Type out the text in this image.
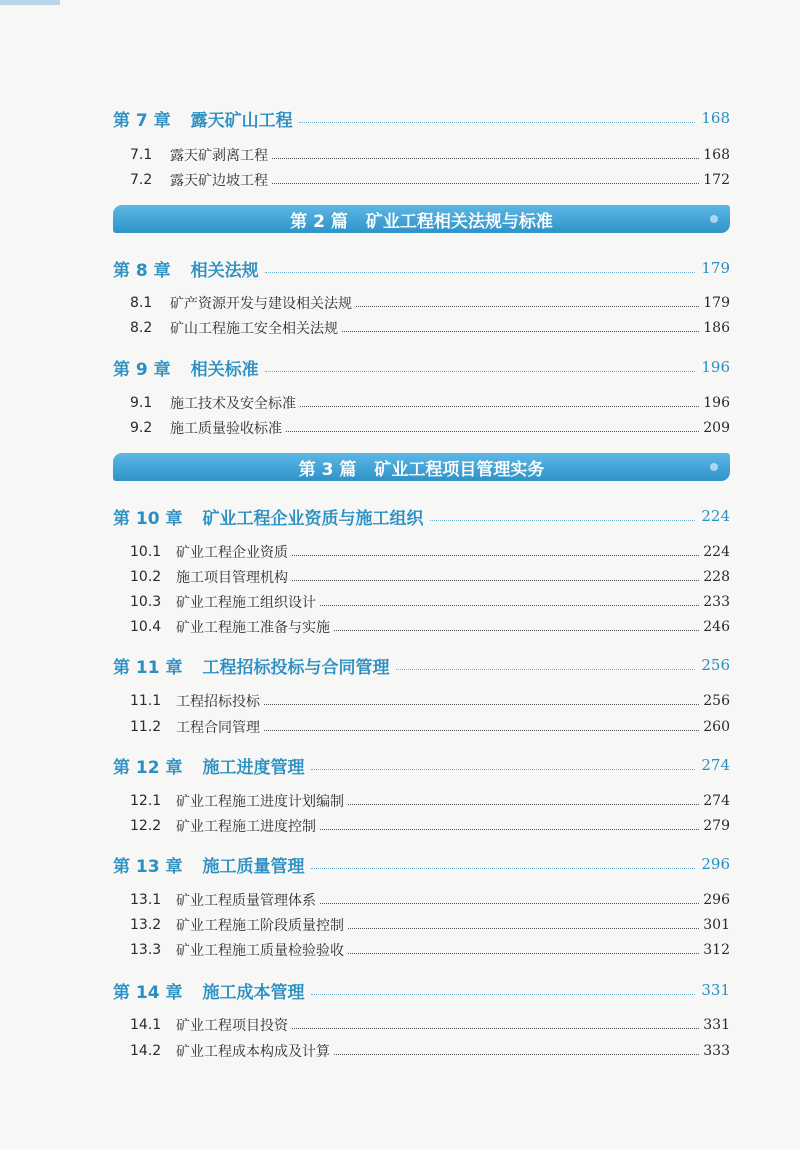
第 7 章 露天矿山工程	168
7.1	露天矿剥离工程	168
7.2	露天矿边坡工程	172
第 2 篇 矿业工程相关法规与标准
第 8 章 相关法规	179
8.1	矿产资源开发与建设相关法规	179
8.2	矿山工程施工安全相关法规	186
第 9 章 相关标准	196
9.1	施工技术及安全标准	196
9.2	施工质量验收标准	209
第 3 篇 矿业工程项目管理实务
第 10 章 矿业工程企业资质与施工组织	224
10.1	矿业工程企业资质	224
10.2	施工项目管理机构	228
10.3	矿业工程施工组织设计	233
10.4	矿业工程施工准备与实施	246
第 11 章 工程招标投标与合同管理	256
11.1	工程招标投标	256
11.2	工程合同管理	260
第 12 章 施工进度管理	274
12.1	矿业工程施工进度计划编制	274
12.2	矿业工程施工进度控制	279
第 13 章 施工质量管理	296
13.1	矿业工程质量管理体系	296
13.2	矿业工程施工阶段质量控制	301
13.3	矿业工程施工质量检验验收	312
第 14 章 施工成本管理	331
14.1	矿业工程项目投资	331
14.2	矿业工程成本构成及计算	333
